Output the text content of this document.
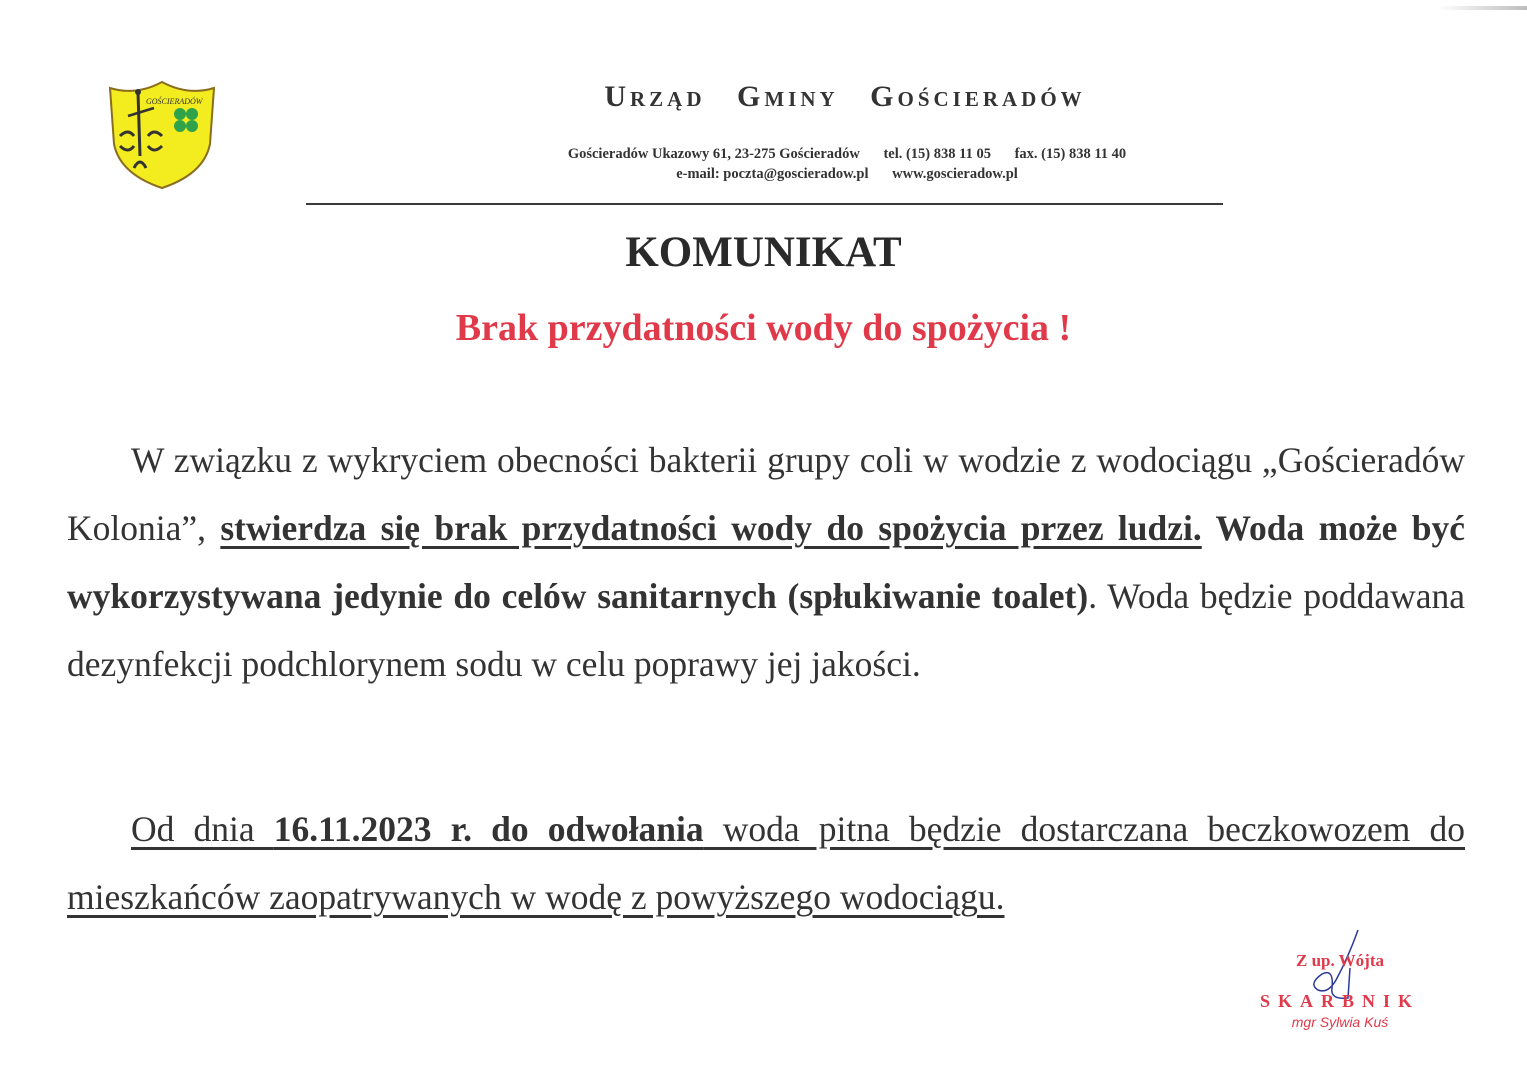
GOŚCIERADÓW	Urząd Gminy Gościeradów
Gościeradów Ukazowy 61, 23-275 Gościeradów tel. (15) 838 11 05 fax. (15) 838 11 40
e-mail: poczta@goscieradow.pl www.goscieradow.pl
KOMUNIKAT
Brak przydatności wody do spożycia !
W związku z wykryciem obecności bakterii grupy coli w wodzie z wodociągu „Gościeradów Kolonia”, stwierdza się brak przydatności wody do spożycia przez ludzi. Woda może być wykorzystywana jedynie do celów sanitarnych (spłukiwanie toalet). Woda będzie poddawana dezynfekcji podchlorynem sodu w celu poprawy jej jakości.
Od dnia 16.11.2023 r. do odwołania woda pitna będzie dostarczana beczkowozem do mieszkańców zaopatrywanych w wodę z powyższego wodociągu.
Z up. Wójta
SKARBNIK
mgr Sylwia Kuś
